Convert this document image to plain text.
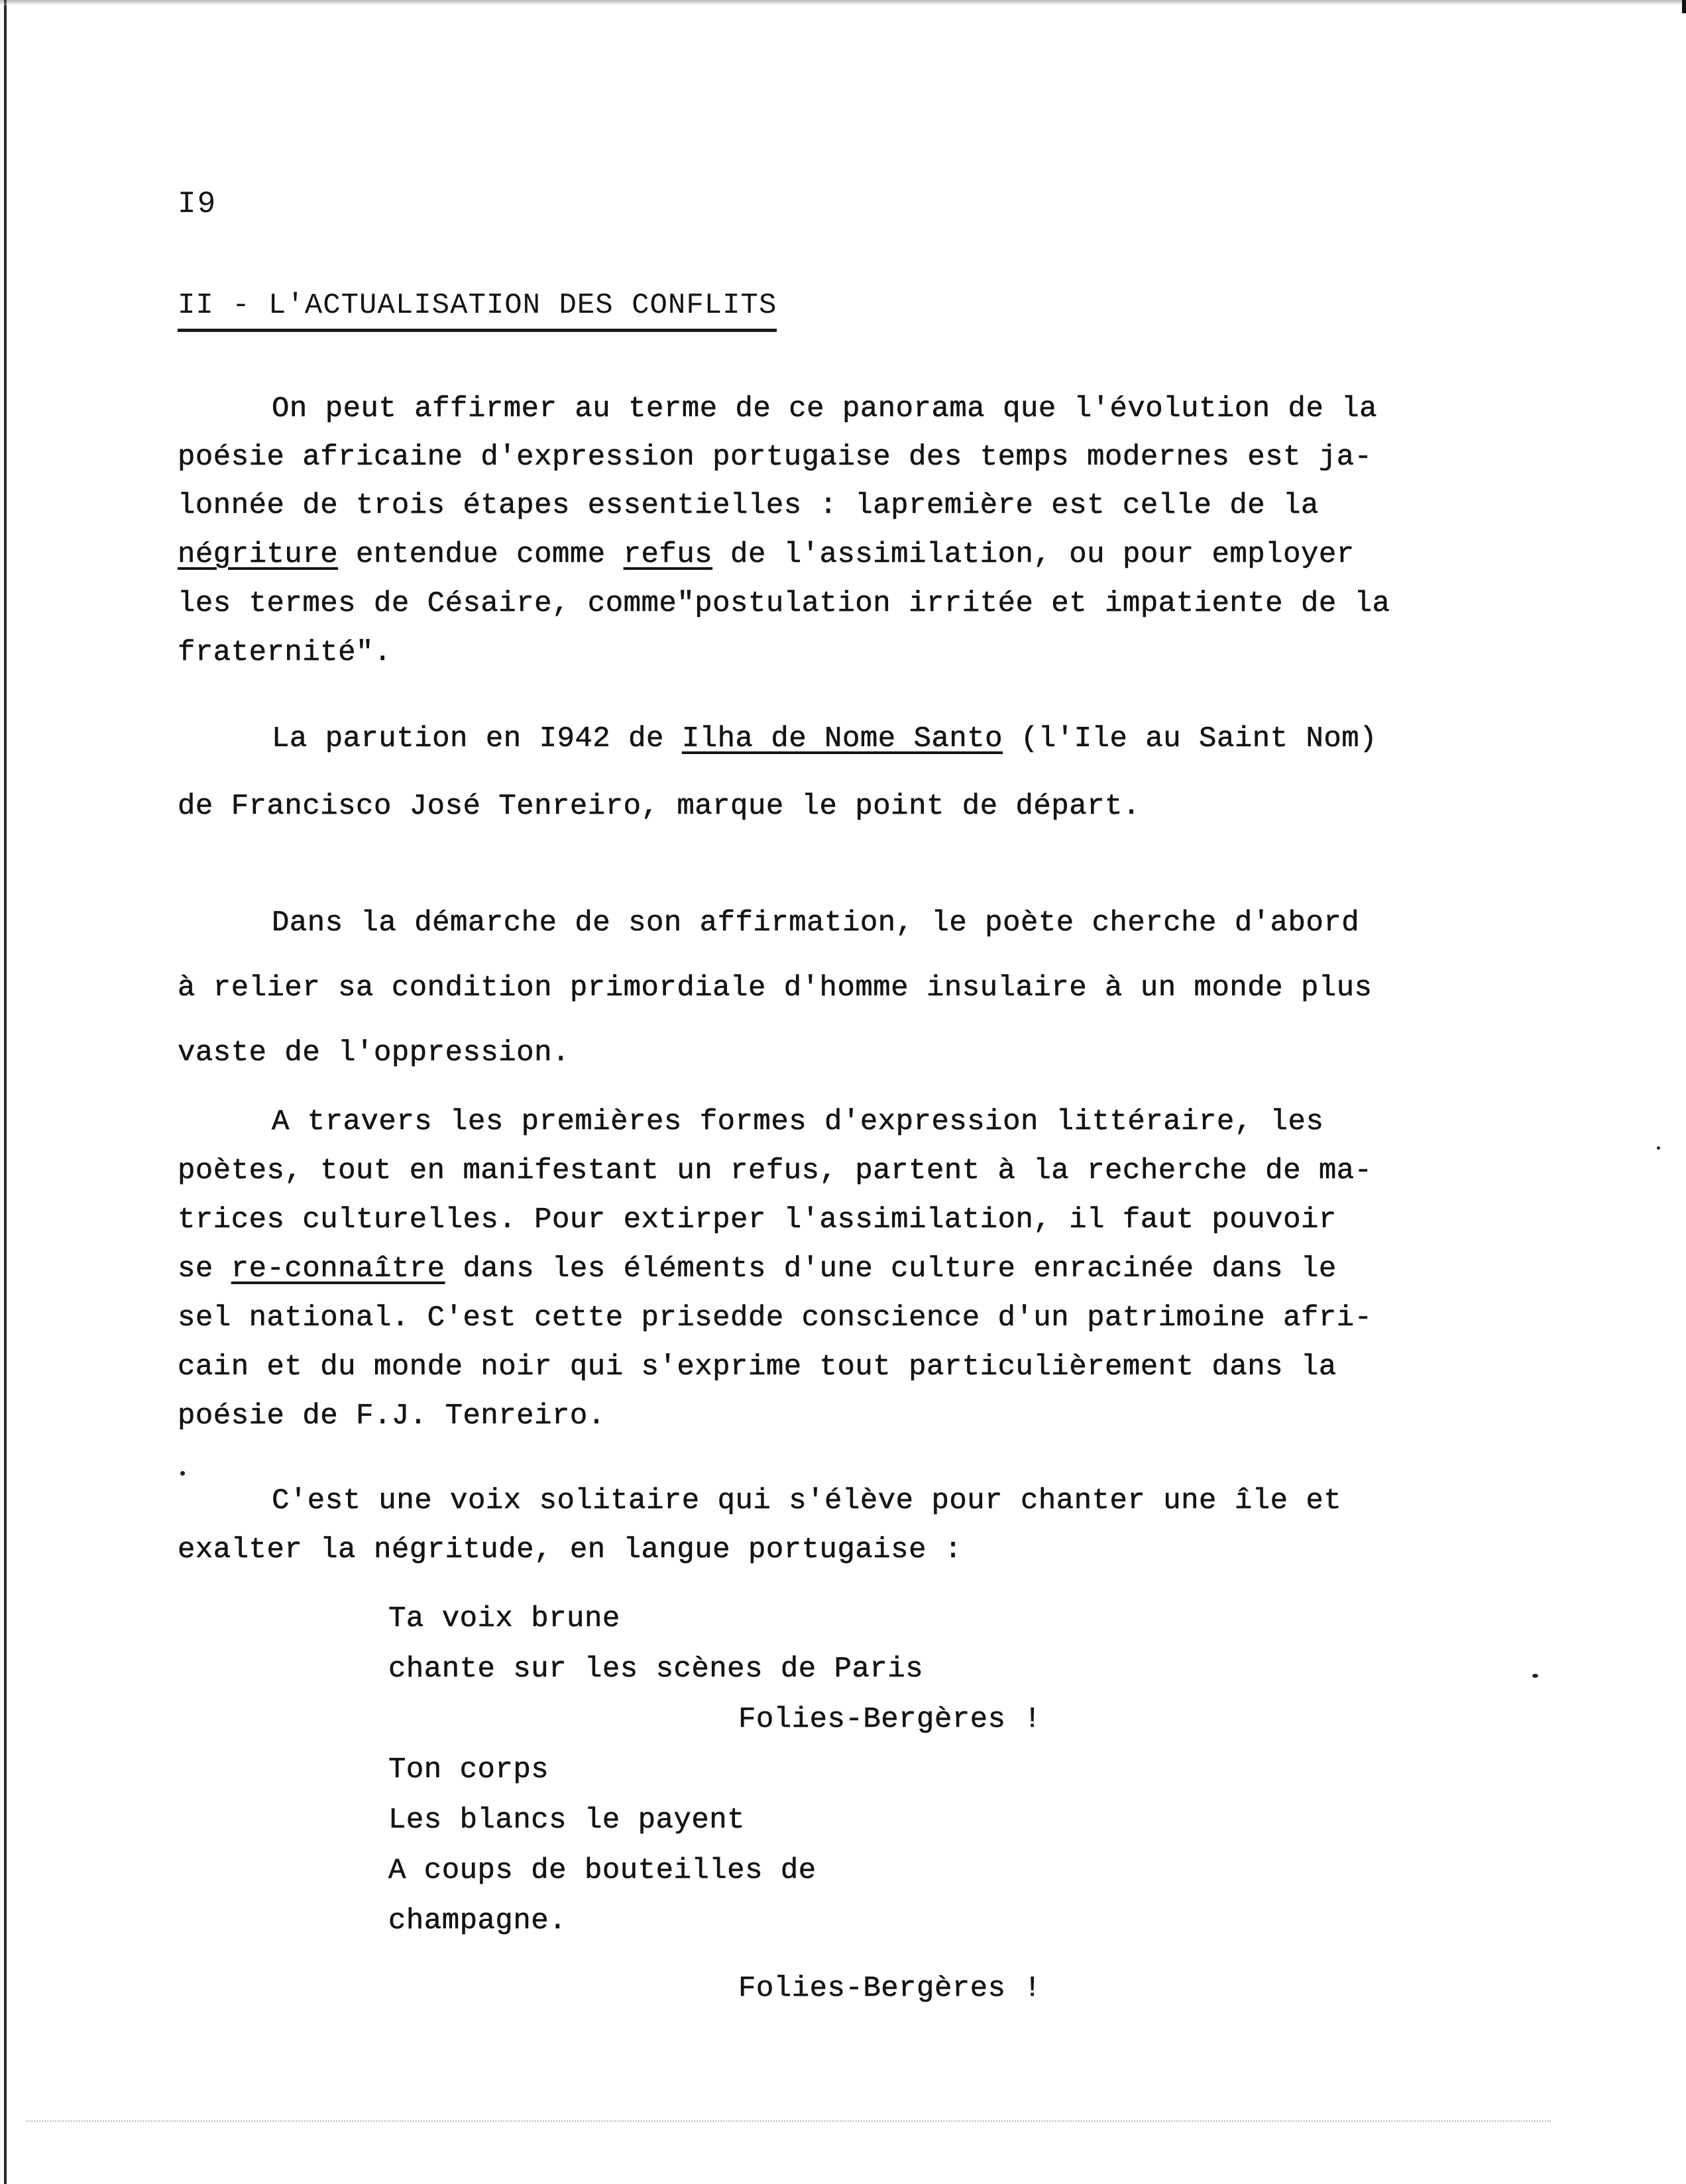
I9
II - L'ACTUALISATION DES CONFLITS
On peut affirmer au terme de ce panorama que l'évolution de la
poésie africaine d'expression portugaise des temps modernes est ja-
lonnée de trois étapes essentielles : lapremière est celle de la
négriture entendue comme refus de l'assimilation, ou pour employer
les termes de Césaire, comme"postulation irritée et impatiente de la
fraternité".
La parution en I942 de Ilha de Nome Santo (l'Ile au Saint Nom)
de Francisco José Tenreiro, marque le point de départ.
Dans la démarche de son affirmation, le poète cherche d'abord
à relier sa condition primordiale d'homme insulaire à un monde plus
vaste de l'oppression.
A travers les premières formes d'expression littéraire, les
poètes, tout en manifestant un refus, partent à la recherche de ma-
trices culturelles. Pour extirper l'assimilation, il faut pouvoir
se re-connaître dans les éléments d'une culture enracinée dans le
sel national. C'est cette prisedde conscience d'un patrimoine afri-
cain et du monde noir qui s'exprime tout particulièrement dans la
poésie de F.J. Tenreiro.
C'est une voix solitaire qui s'élève pour chanter une île et
exalter la négritude, en langue portugaise :
Ta voix brune
chante sur les scènes de Paris
Folies-Bergères !
Ton corps
Les blancs le payent
A coups de bouteilles de
champagne.
Folies-Bergères !
